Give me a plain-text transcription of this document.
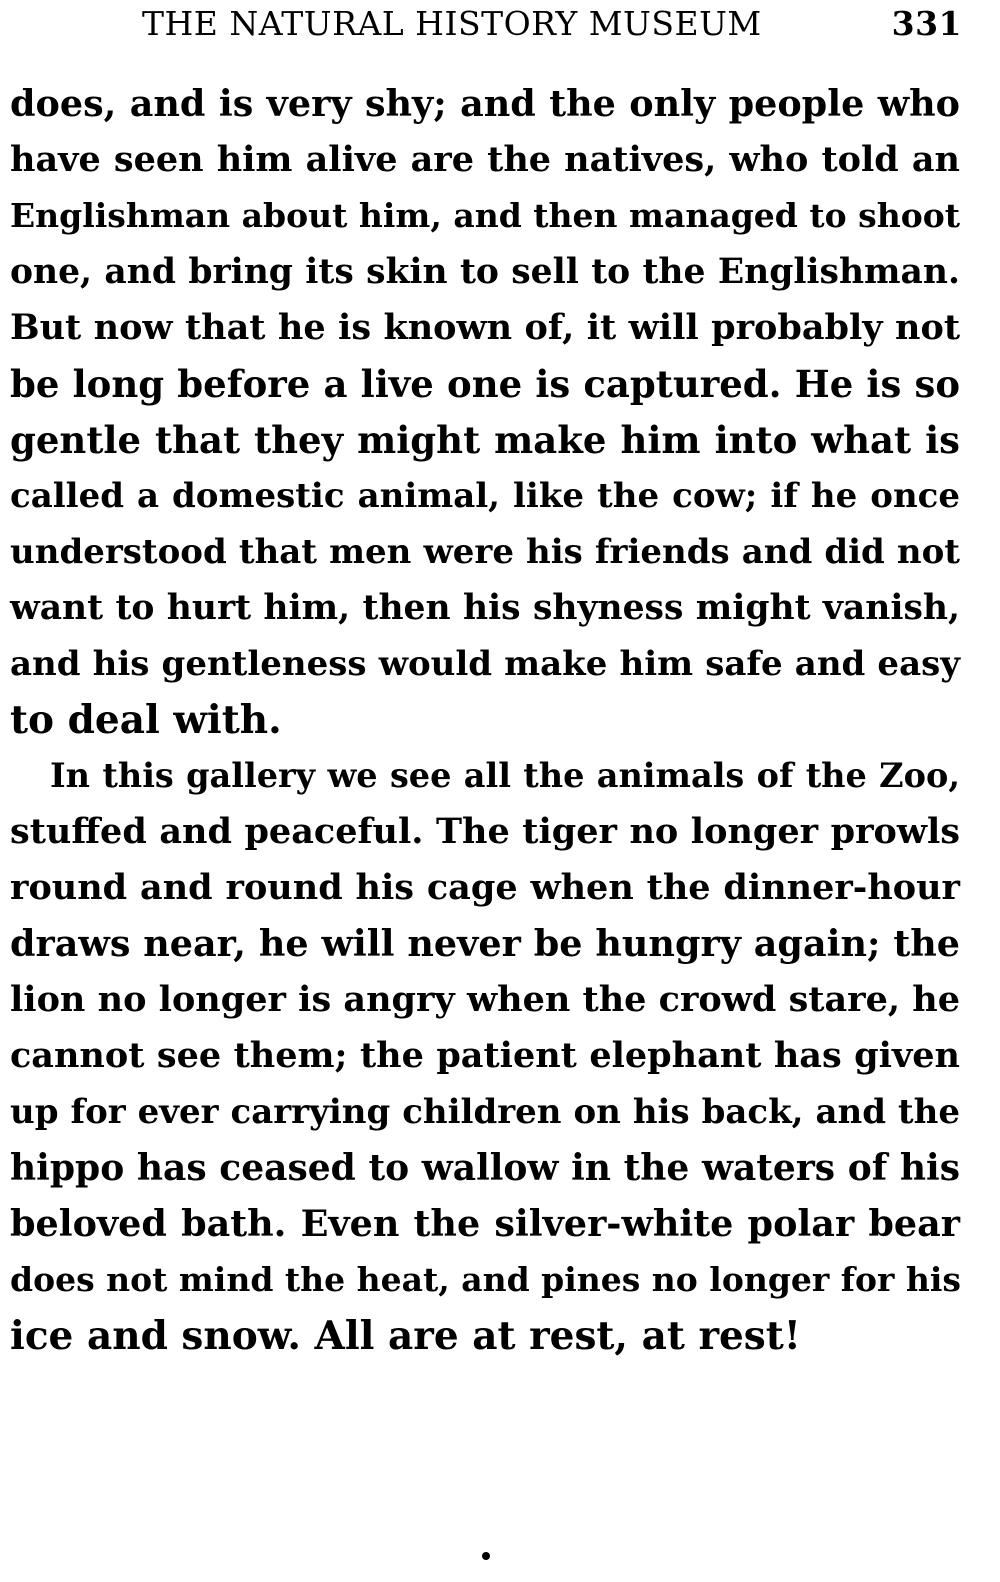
THE NATURAL HISTORY MUSEUM	331
does, and is very shy; and the only people who
have seen him alive are the natives, who told an
Englishman about him, and then managed to shoot
one, and bring its skin to sell to the Englishman.
But now that he is known of, it will probably not
be long before a live one is captured. He is so
gentle that they might make him into what is
called a domestic animal, like the cow; if he once
understood that men were his friends and did not
want to hurt him, then his shyness might vanish,
and his gentleness would make him safe and easy
to deal with.
In this gallery we see all the animals of the Zoo,
stuffed and peaceful. The tiger no longer prowls
round and round his cage when the dinner-hour
draws near, he will never be hungry again; the
lion no longer is angry when the crowd stare, he
cannot see them; the patient elephant has given
up for ever carrying children on his back, and the
hippo has ceased to wallow in the waters of his
beloved bath. Even the silver-white polar bear
does not mind the heat, and pines no longer for his
ice and snow. All are at rest, at rest!
